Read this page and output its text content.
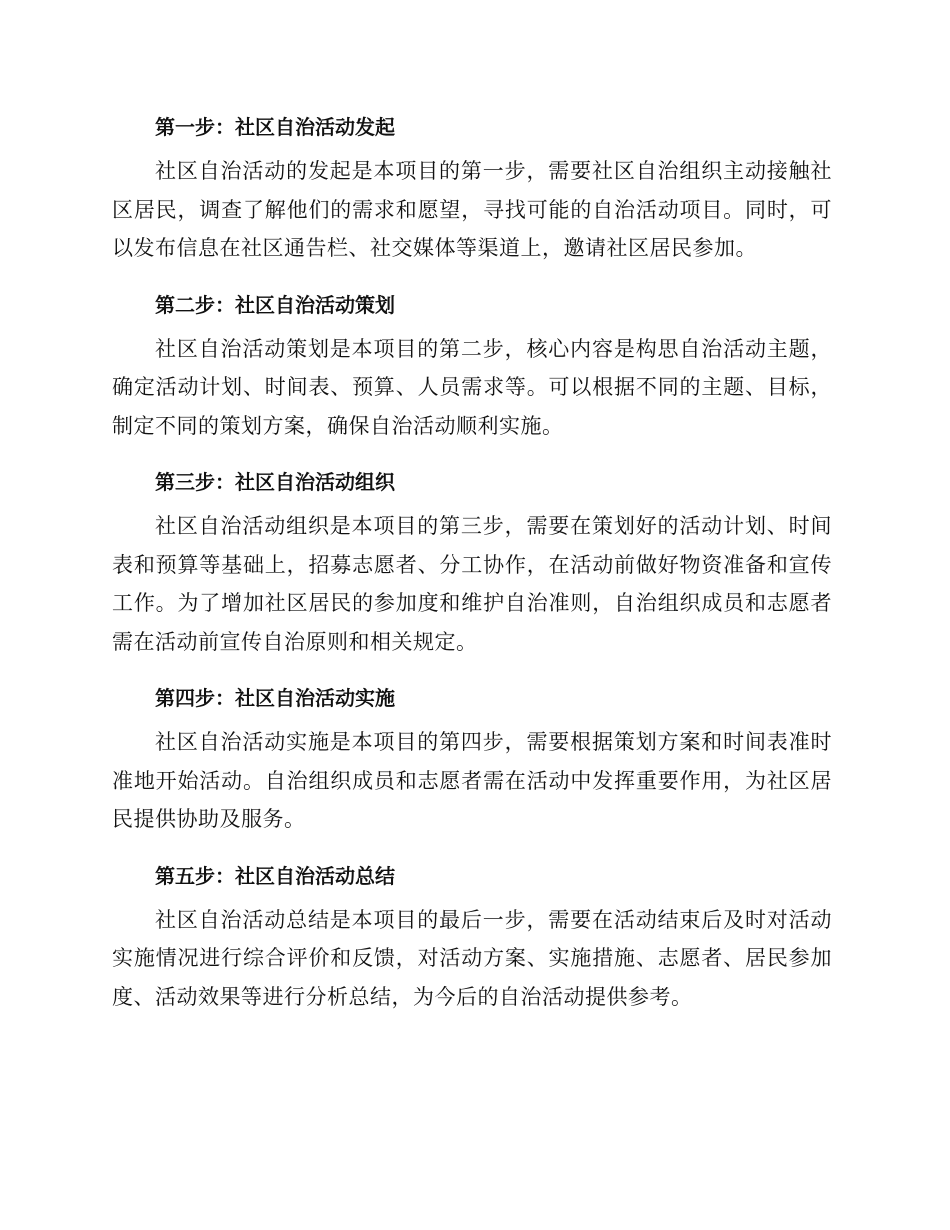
第一步：社区自治活动发起

社区自治活动的发起是本项目的第一步，需要社区自治组织主动接触社区居民，调查了解他们的需求和愿望，寻找可能的自治活动项目。同时，可以发布信息在社区通告栏、社交媒体等渠道上，邀请社区居民参加。

第二步：社区自治活动策划

社区自治活动策划是本项目的第二步，核心内容是构思自治活动主题，确定活动计划、时间表、预算、人员需求等。可以根据不同的主题、目标，制定不同的策划方案，确保自治活动顺利实施。

第三步：社区自治活动组织

社区自治活动组织是本项目的第三步，需要在策划好的活动计划、时间表和预算等基础上，招募志愿者、分工协作，在活动前做好物资准备和宣传工作。为了增加社区居民的参加度和维护自治准则，自治组织成员和志愿者需在活动前宣传自治原则和相关规定。

第四步：社区自治活动实施

社区自治活动实施是本项目的第四步，需要根据策划方案和时间表准时准地开始活动。自治组织成员和志愿者需在活动中发挥重要作用，为社区居民提供协助及服务。

第五步：社区自治活动总结

社区自治活动总结是本项目的最后一步，需要在活动结束后及时对活动实施情况进行综合评价和反馈，对活动方案、实施措施、志愿者、居民参加度、活动效果等进行分析总结，为今后的自治活动提供参考。
